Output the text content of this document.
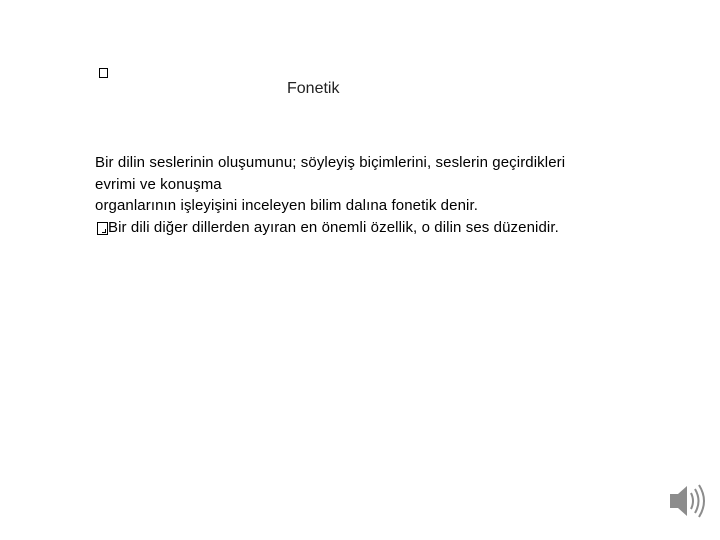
Fonetik
Bir dilin seslerinin oluşumunu; söyleyiş biçimlerini, seslerin geçirdikleri
evrimi ve konuşma
organlarının işleyişini inceleyen bilim dalına fonetik denir.
Bir dili diğer dillerden ayıran en önemli özellik, o dilin ses düzenidir.
